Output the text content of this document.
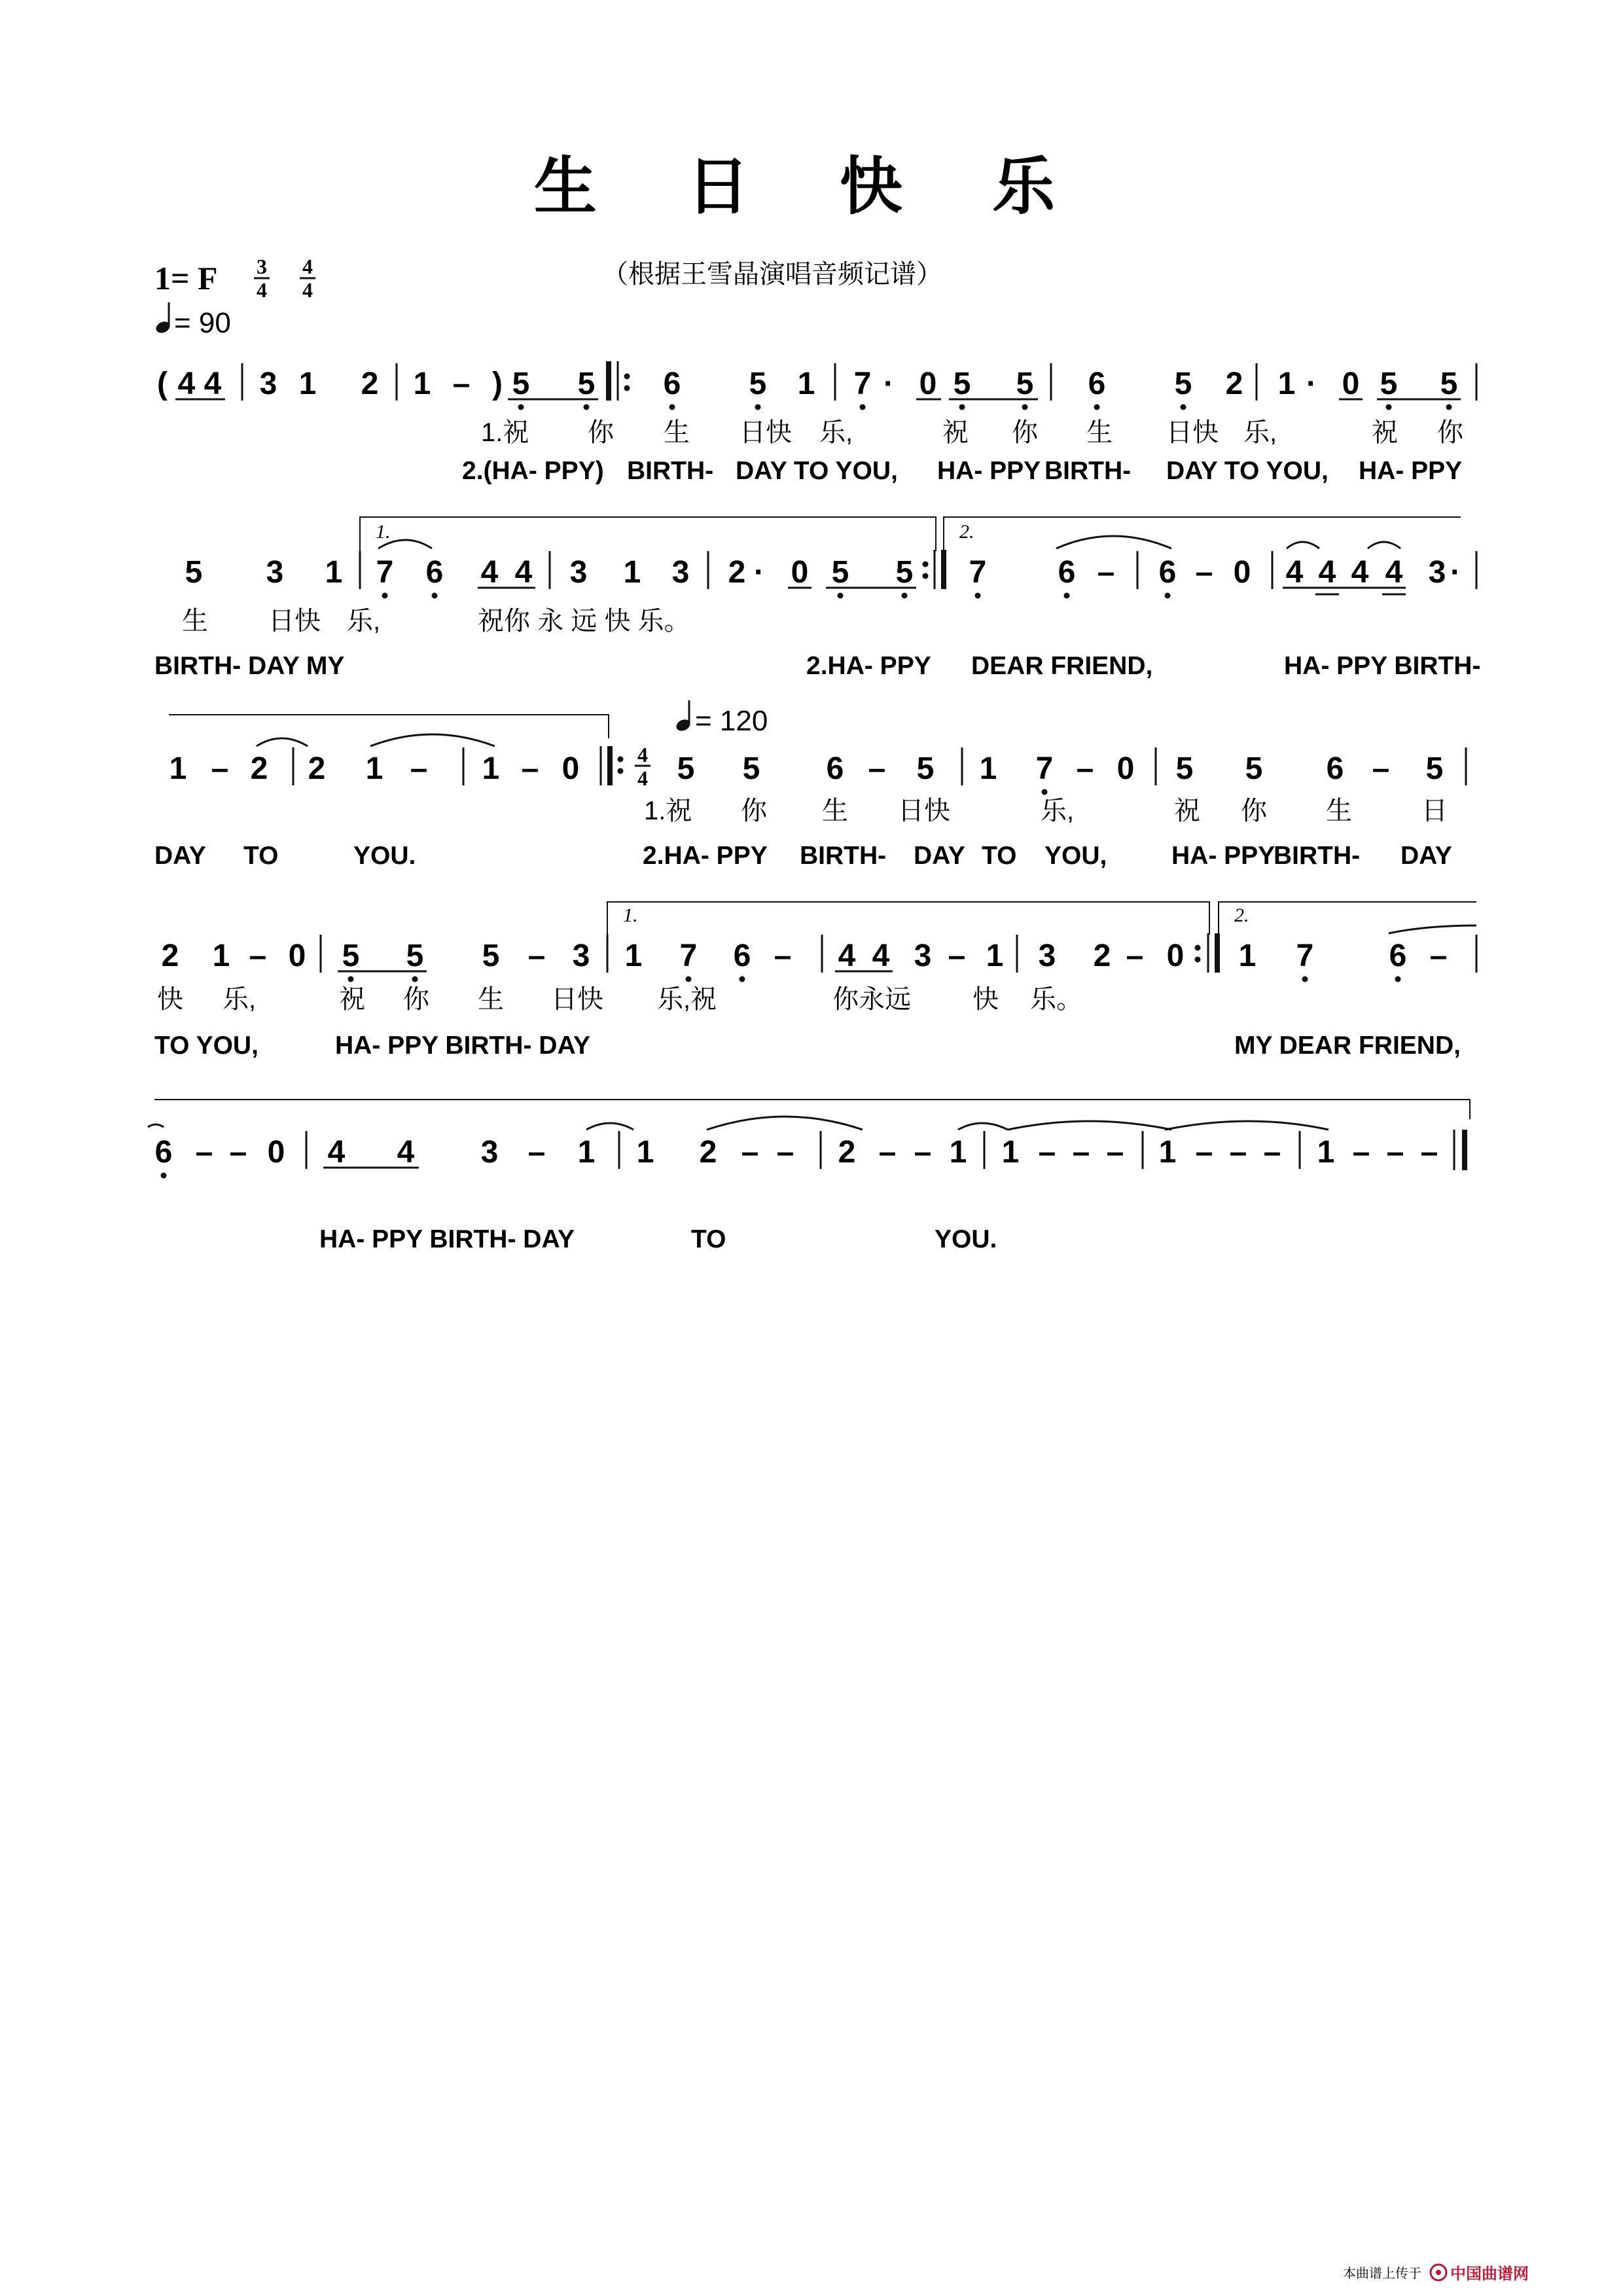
生 日 快 乐
1= F 3
4
4
4
（根据王雪晶演唱音频记谱）
= 90
( 4 4 3 1 2 1 – ) 5 5 6 5 1 7 · 0 5 5 6 5 2 1 · 0 5 5
1.祝 你 生 日快 乐,	祝 你 生 日快 乐,	祝 你
2.(HA- PPY) BIRTH- DAY TO YOU, HA- PPY BIRTH- DAY TO YOU, HA- PPY
1.	2.
5 3 1 7 6 4 4 3 1 3 2 · 0 5 5 7 6 – 6 – 0 4 4 4 4 3 ·
生 日快 乐,	祝你 永 远 快 乐。
BIRTH- DAY MY	2.HA- PPY DEAR FRIEND,	HA- PPY BIRTH-
= 120
1 – 2 2 1 – 1 – 0	4
4 5 5 6 – 5 1 7 – 0 5 5 6 – 5
1.祝 你 生 日快	乐,	祝 你 生	日
DAY TO	YOU.	2.HA- PPY BIRTH- DAY TO YOU,	HA- PPY
BIRTH- DAY
1.	2.
2 1 – 0 5 5 5 – 3 1 7 6 – 4 4 3 – 1 3 2 – 0 1 7 6 –
快 乐,	祝 你 生 日快 乐,祝	你永远 快 乐。
TO YOU,	HA- PPY BIRTH- DAY	MY DEAR FRIEND,
6 – – 0 4 4 3 – 1 1 2 – – 2 – – 1 1 – – – 1 – – – 1 – – –
HA- PPY BIRTH- DAY	TO	YOU.
本曲谱上传于 中国曲谱网
